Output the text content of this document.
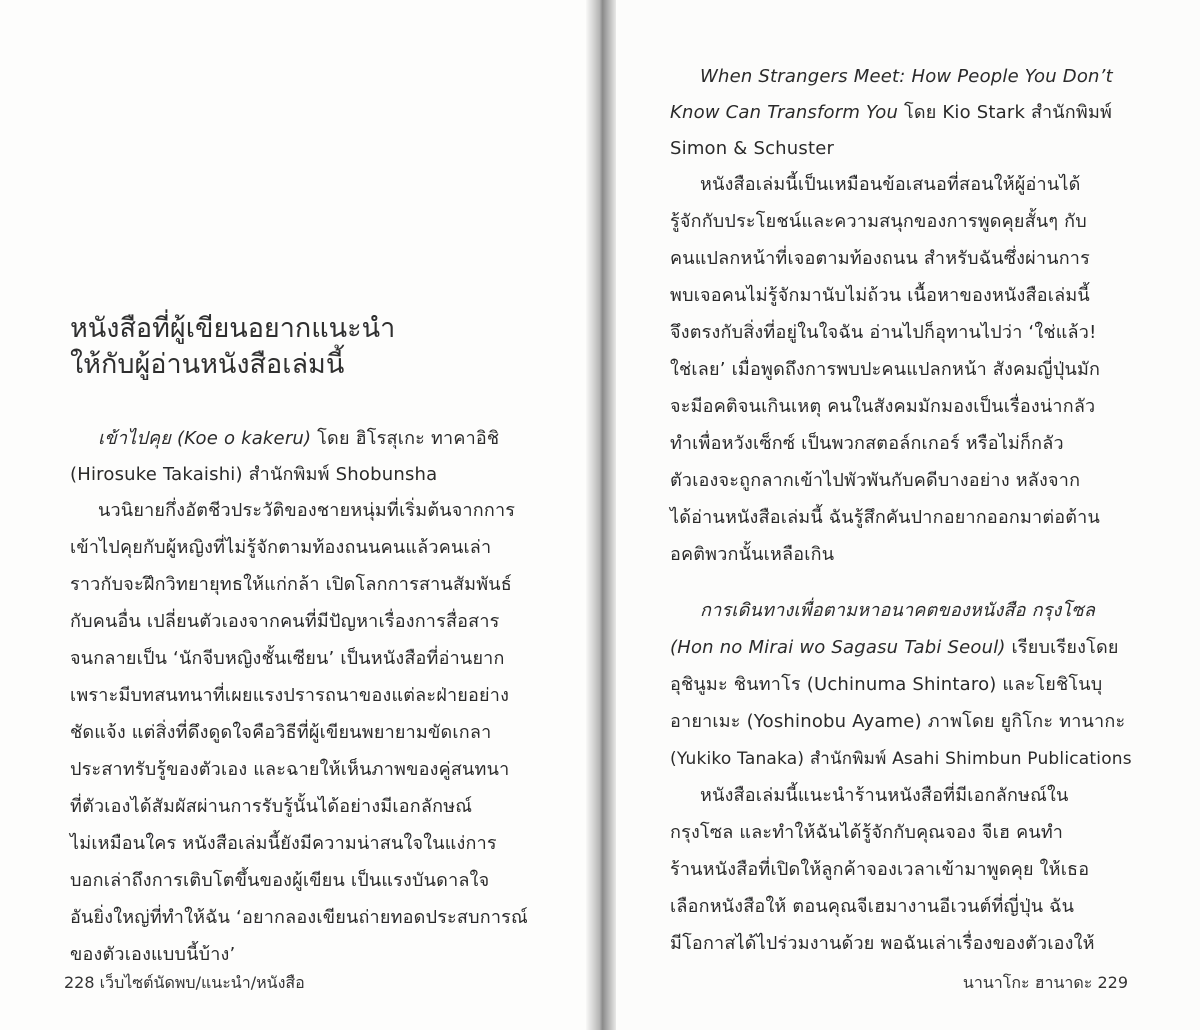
หนังสือที่ผู้เขียนอยากแนะนำ
ให้กับผู้อ่านหนังสือเล่มนี้
เข้าไปคุย (Koe o kakeru) โดย ฮิโรสุเกะ ทาคาอิชิ
(Hirosuke Takaishi) สำนักพิมพ์ Shobunsha
นวนิยายกึ่งอัตชีวประวัติของชายหนุ่มที่เริ่มต้นจากการ
เข้าไปคุยกับผู้หญิงที่ไม่รู้จักตามท้องถนนคนแล้วคนเล่า
ราวกับจะฝึกวิทยายุทธให้แก่กล้า เปิดโลกการสานสัมพันธ์
กับคนอื่น เปลี่ยนตัวเองจากคนที่มีปัญหาเรื่องการสื่อสาร
จนกลายเป็น ‘นักจีบหญิงชั้นเซียน’ เป็นหนังสือที่อ่านยาก
เพราะมีบทสนทนาที่เผยแรงปรารถนาของแต่ละฝ่ายอย่าง
ชัดแจ้ง แต่สิ่งที่ดึงดูดใจคือวิธีที่ผู้เขียนพยายามขัดเกลา
ประสาทรับรู้ของตัวเอง และฉายให้เห็นภาพของคู่สนทนา
ที่ตัวเองได้สัมผัสผ่านการรับรู้นั้นได้อย่างมีเอกลักษณ์
ไม่เหมือนใคร หนังสือเล่มนี้ยังมีความน่าสนใจในแง่การ
บอกเล่าถึงการเติบโตขึ้นของผู้เขียน เป็นแรงบันดาลใจ
อันยิ่งใหญ่ที่ทำให้ฉัน ‘อยากลองเขียนถ่ายทอดประสบการณ์
ของตัวเองแบบนี้บ้าง’
228 เว็บไซต์นัดพบ/แนะนำ/หนังสือ
When Strangers Meet: How People You Don’t
Know Can Transform You โดย Kio Stark สำนักพิมพ์
Simon & Schuster
หนังสือเล่มนี้เป็นเหมือนข้อเสนอที่สอนให้ผู้อ่านได้
รู้จักกับประโยชน์และความสนุกของการพูดคุยสั้นๆ กับ
คนแปลกหน้าที่เจอตามท้องถนน สำหรับฉันซึ่งผ่านการ
พบเจอคนไม่รู้จักมานับไม่ถ้วน เนื้อหาของหนังสือเล่มนี้
จึงตรงกับสิ่งที่อยู่ในใจฉัน อ่านไปก็อุทานไปว่า ‘ใช่แล้ว!
ใช่เลย’ เมื่อพูดถึงการพบปะคนแปลกหน้า สังคมญี่ปุ่นมัก
จะมีอคติจนเกินเหตุ คนในสังคมมักมองเป็นเรื่องน่ากลัว
ทำเพื่อหวังเซ็กซ์ เป็นพวกสตอล์กเกอร์ หรือไม่ก็กลัว
ตัวเองจะถูกลากเข้าไปพัวพันกับคดีบางอย่าง หลังจาก
ได้อ่านหนังสือเล่มนี้ ฉันรู้สึกคันปากอยากออกมาต่อต้าน
อคติพวกนั้นเหลือเกิน
การเดินทางเพื่อตามหาอนาคตของหนังสือ กรุงโซล
(Hon no Mirai wo Sagasu Tabi Seoul) เรียบเรียงโดย
อุชินูมะ ชินทาโร (Uchinuma Shintaro) และโยชิโนบุ
อายาเมะ (Yoshinobu Ayame) ภาพโดย ยูกิโกะ ทานากะ
(Yukiko Tanaka) สำนักพิมพ์ Asahi Shimbun Publications
หนังสือเล่มนี้แนะนำร้านหนังสือที่มีเอกลักษณ์ใน
กรุงโซล และทำให้ฉันได้รู้จักกับคุณจอง จีเฮ คนทำ
ร้านหนังสือที่เปิดให้ลูกค้าจองเวลาเข้ามาพูดคุย ให้เธอ
เลือกหนังสือให้ ตอนคุณจีเฮมางานอีเวนต์ที่ญี่ปุ่น ฉัน
มีโอกาสได้ไปร่วมงานด้วย พอฉันเล่าเรื่องของตัวเองให้
นานาโกะ ฮานาดะ 229
